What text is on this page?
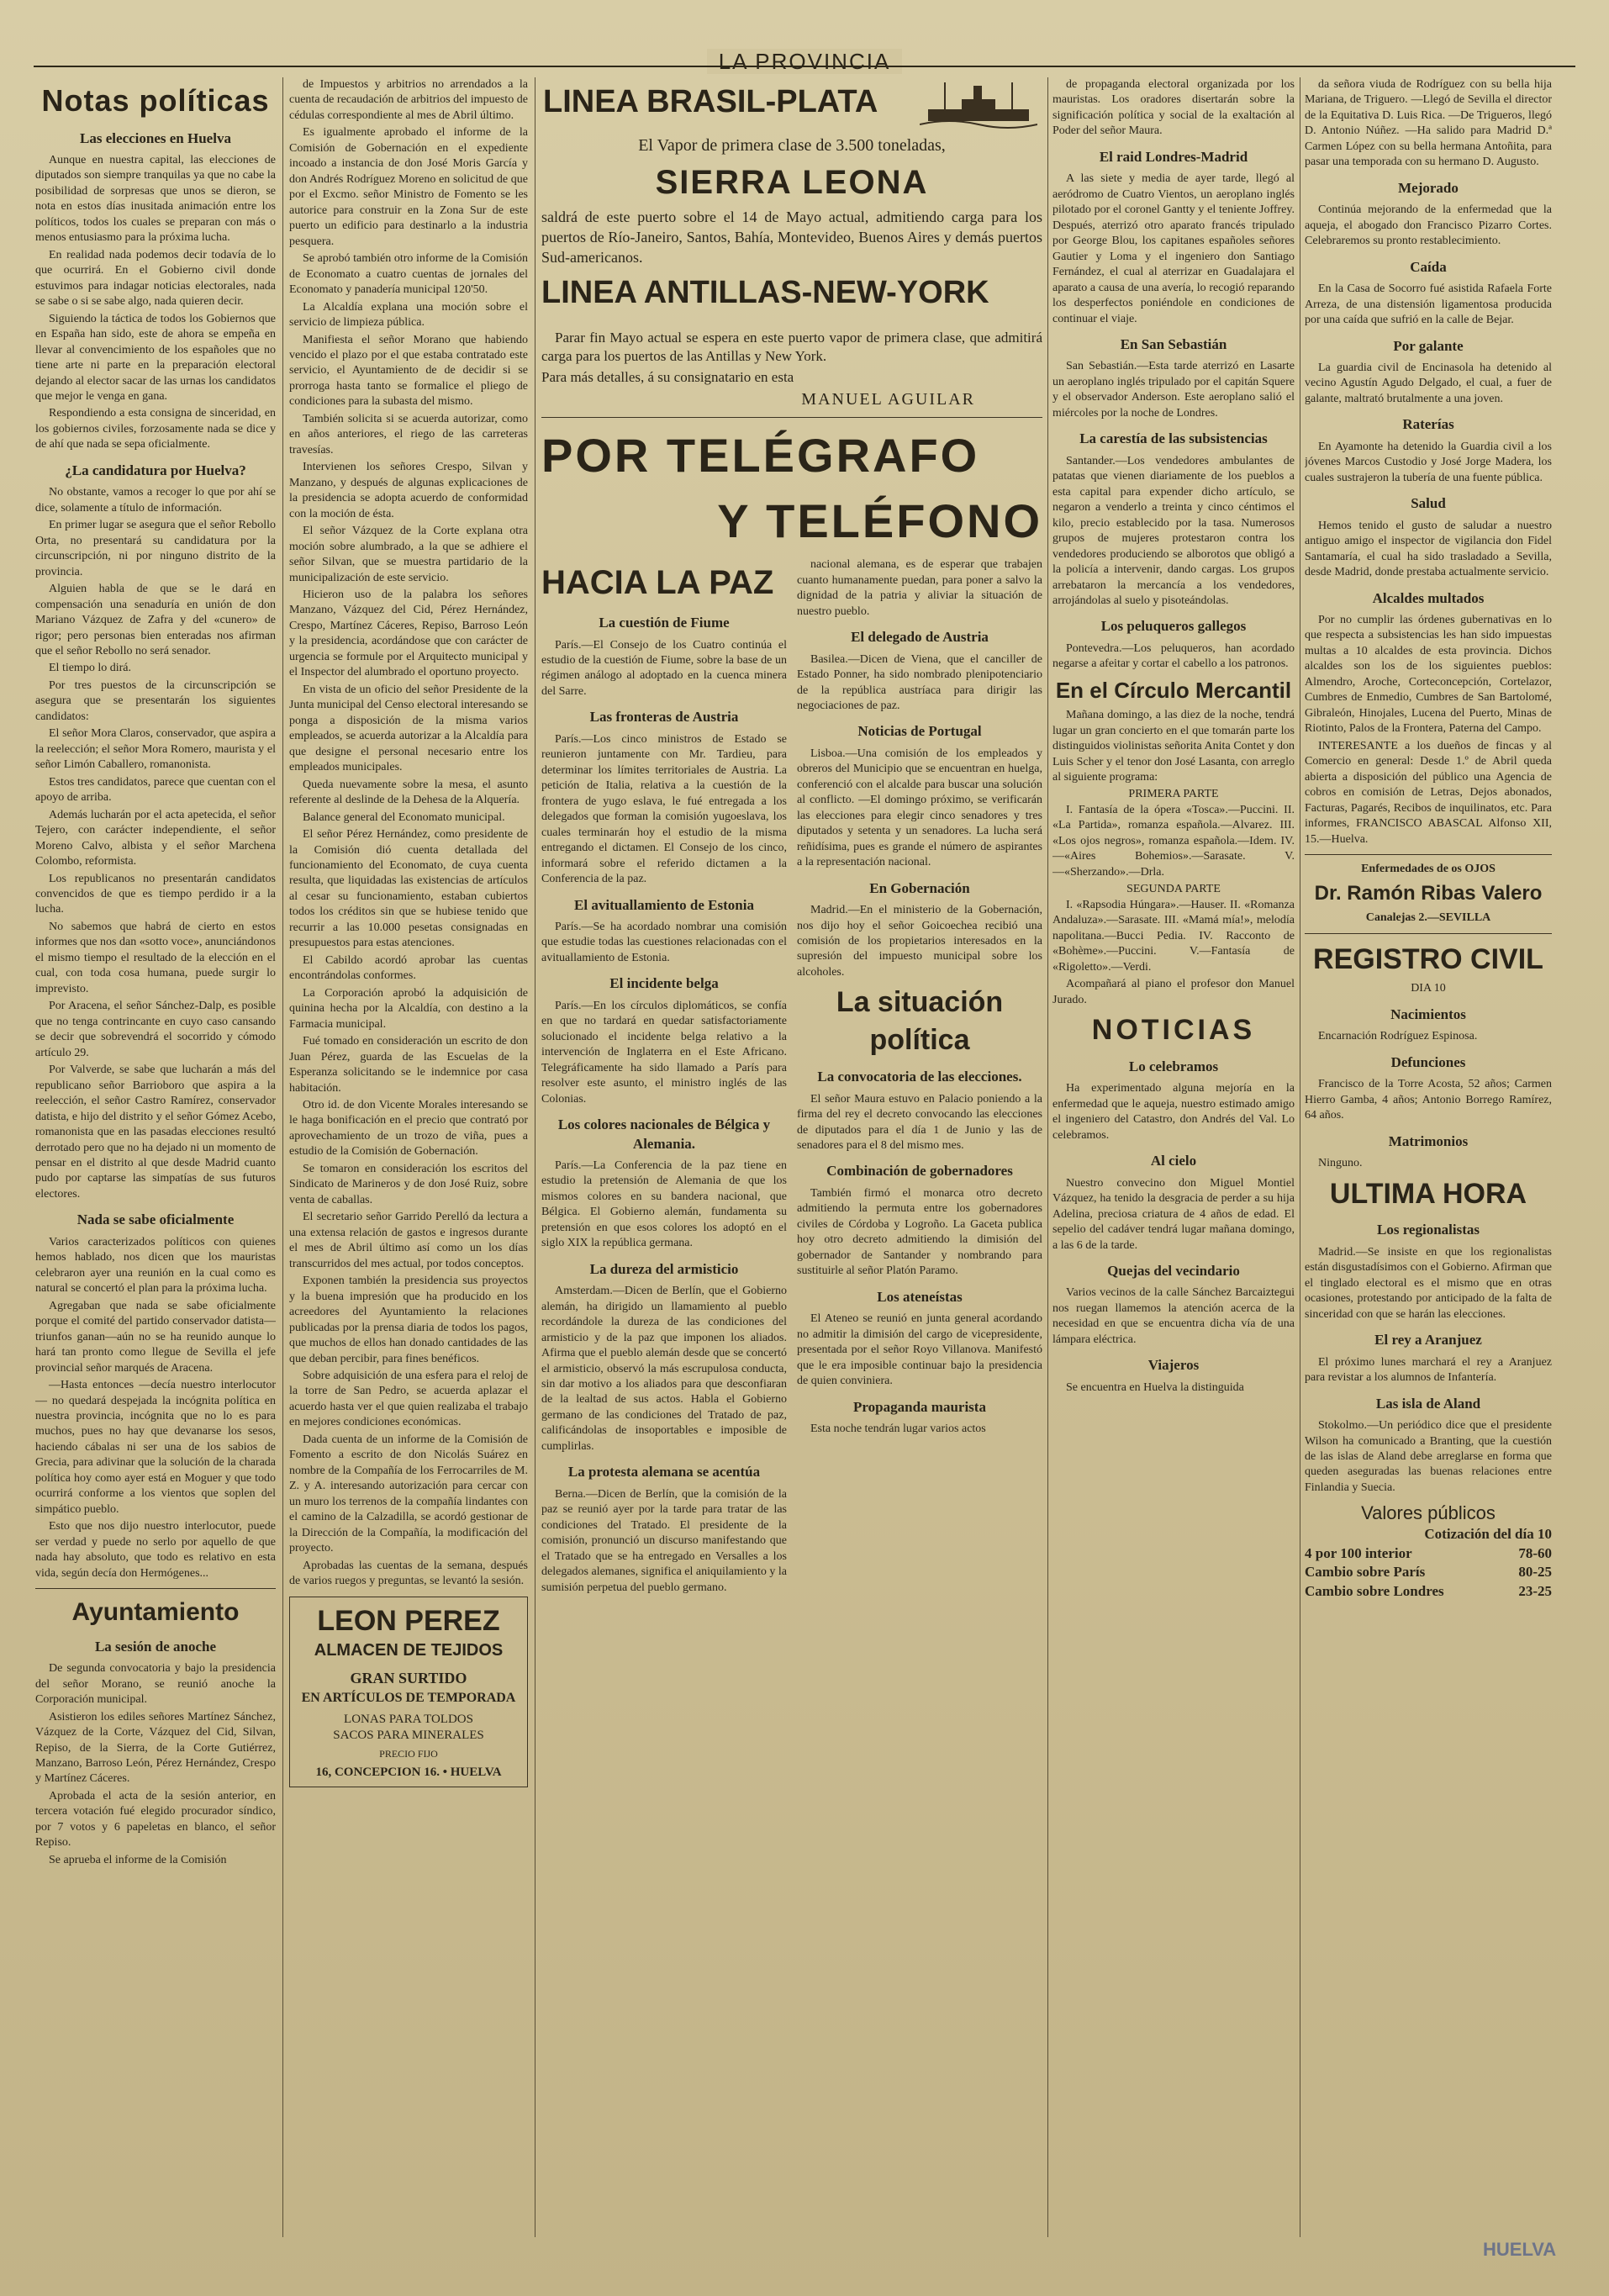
LA PROVINCIA
Notas políticas
Las elecciones en Huelva

Aunque en nuestra capital, las elecciones de diputados son siempre tranquilas ya que no cabe la posibilidad de sorpresas que unos se dieron, se nota en estos días inusitada animación entre los políticos, todos los cuales se preparan con más o menos entusiasmo para la próxima lucha.

En realidad nada podemos decir todavía de lo que ocurrirá. En el Gobierno civil donde estuvimos para indagar noticias electorales, nada se sabe o si se sabe algo, nada quieren decir.

Siguiendo la táctica de todos los Gobiernos que en España han sido, este de ahora se empeña en llevar al convencimiento de los españoles que no tiene arte ni parte en la preparación electoral dejando al elector sacar de las urnas los candidatos que mejor le venga en gana.

Respondiendo a esta consigna de sinceridad, en los gobiernos civiles, forzosamente nada se dice y de ahí que nada se sepa oficialmente.

¿La candidatura por Huelva?

No obstante, vamos a recoger lo que por ahí se dice, solamente a título de información.

En primer lugar se asegura que el señor Rebollo Orta, no presentará su candidatura por la circunscripción, ni por ninguno distrito de la provincia.

Alguien habla de que se le dará en compensación una senaduría en unión de don Mariano Vázquez de Zafra y del «cunero» de rigor; pero personas bien enteradas nos afirman que el señor Rebollo no será senador.

El tiempo lo dirá.

Por tres puestos de la circunscripción se asegura que se presentarán los siguientes candidatos:

El señor Mora Claros, conservador, que aspira a la reelección; el señor Mora Romero, maurista y el señor Limón Caballero, romanonista.

Estos tres candidatos, parece que cuentan con el apoyo de arriba.

Además lucharán por el acta apetecida, el señor Tejero, con carácter independiente, el señor Moreno Calvo, albista y el señor Marchena Colombo, reformista.

Los republicanos no presentarán candidatos convencidos de que es tiempo perdido ir a la lucha.

No sabemos que habrá de cierto en estos informes que nos dan «sotto voce», anunciándonos el mismo tiempo el resultado de la elección en el cual, con toda cosa humana, puede surgir lo imprevisto.

Por Aracena, el señor Sánchez-Dalp, es posible que no tenga contrincante en cuyo caso cansando se decir que sobrevendrá el socorrido y cómodo artículo 29.

Por Valverde, se sabe que lucharán a más del republicano señor Barrioboro que aspira a la reelección, el señor Castro Ramírez, conservador datista, e hijo del distrito y el señor Gómez Acebo, romanonista que en las pasadas elecciones resultó derrotado pero que no ha dejado ni un momento de pensar en el distrito al que desde Madrid cuanto pudo por captarse las simpatías de sus futuros electores.

Nada se sabe oficialmente

Varios caracterizados políticos con quienes hemos hablado, nos dicen que los mauristas celebraron ayer una reunión en la cual como es natural se concertó el plan para la próxima lucha.

Agregaban que nada se sabe oficialmente porque el comité del partido conservador datista—triunfos ganan—aún no se ha reunido aunque lo hará tan pronto como llegue de Sevilla el jefe provincial señor marqués de Aracena.

—Hasta entonces —decía nuestro interlocutor— no quedará despejada la incógnita política en nuestra provincia, incógnita que no lo es para muchos, pues no hay que devanarse los sesos, haciendo cábalas ni ser una de los sabios de Grecia, para adivinar que la solución de la charada política hoy como ayer está en Moguer y que todo ocurrirá conforme a los vientos que soplen del simpático pueblo.

Esto que nos dijo nuestro interlocutor, puede ser verdad y puede no serlo por aquello de que nada hay absoluto, que todo es relativo en esta vida, según decía don Hermógenes...

Ayuntamiento
La sesión de anoche

De segunda convocatoria y bajo la presidencia del señor Morano, se reunió anoche la Corporación municipal.

Asistieron los ediles señores Martínez Sánchez, Vázquez de la Corte, Vázquez del Cid, Silvan, Repiso, de la Sierra, de la Corte Gutiérrez, Manzano, Barroso León, Pérez Hernández, Crespo y Martínez Cáceres.

Aprobada el acta de la sesión anterior, en tercera votación fué elegido procurador síndico, por 7 votos y 6 papeletas en blanco, el señor Repiso.

Se aprueba el informe de la Comisión

de Impuestos y arbitrios no arrendados a la cuenta de recaudación de arbitrios del impuesto de cédulas correspondiente al mes de Abril último.

Es igualmente aprobado el informe de la Comisión de Gobernación en el expediente incoado a instancia de don José Moris García y don Andrés Rodríguez Moreno en solicitud de que por el Excmo. señor Ministro de Fomento se les autorice para construir en la Zona Sur de este puerto un edificio para destinarlo a la industria pesquera.

Se aprobó también otro informe de la Comisión de Economato a cuatro cuentas de jornales del Economato y panadería municipal 120'50.

La Alcaldía explana una moción sobre el servicio de limpieza pública.

Manifiesta el señor Morano que habiendo vencido el plazo por el que estaba contratado este servicio, el Ayuntamiento de de decidir si se prorroga hasta tanto se formalice el pliego de condiciones para la subasta del mismo.

También solicita si se acuerda autorizar, como en años anteriores, el riego de las carreteras travesías.

Intervienen los señores Crespo, Silvan y Manzano, y después de algunas explicaciones de la presidencia se adopta acuerdo de conformidad con la moción de ésta.

El señor Vázquez de la Corte explana otra moción sobre alumbrado, a la que se adhiere el señor Silvan, que se muestra partidario de la municipalización de este servicio.

Hicieron uso de la palabra los señores Manzano, Vázquez del Cid, Pérez Hernández, Crespo, Martínez Cáceres, Repiso, Barroso León y la presidencia, acordándose que con carácter de urgencia se formule por el Arquitecto municipal y el Inspector del alumbrado el oportuno proyecto.

En vista de un oficio del señor Presidente de la Junta municipal del Censo electoral interesando se ponga a disposición de la misma varios empleados, se acuerda autorizar a la Alcaldía para que designe el personal necesario entre los empleados municipales.

Queda nuevamente sobre la mesa, el asunto referente al deslinde de la Dehesa de la Alquería.

Balance general del Economato municipal.

El señor Pérez Hernández, como presidente de la Comisión dió cuenta detallada del funcionamiento del Economato, de cuya cuenta resulta, que liquidadas las existencias de artículos al cesar su funcionamiento, estaban cubiertos todos los créditos sin que se hubiese tenido que recurrir a las 10.000 pesetas consignadas en presupuestos para estas atenciones.

El Cabildo acordó aprobar las cuentas encontrándolas conformes.

La Corporación aprobó la adquisición de quinina hecha por la Alcaldía, con destino a la Farmacia municipal.

Fué tomado en consideración un escrito de don Juan Pérez, guarda de las Escuelas de la Esperanza solicitando se le indemnice por casa habitación.

Otro id. de don Vicente Morales interesando se le haga bonificación en el precio que contrató por aprovechamiento de un trozo de viña, pues a estudio de la Comisión de Gobernación.

Se tomaron en consideración los escritos del Sindicato de Marineros y de don José Ruiz, sobre venta de caballas.

El secretario señor Garrido Perelló da lectura a una extensa relación de gastos e ingresos durante el mes de Abril último así como un los días transcurridos del mes actual, por todos conceptos.

Exponen también la presidencia sus proyectos y la buena impresión que ha producido en los acreedores del Ayuntamiento la relaciones publicadas por la prensa diaria de todos los pagos, que muchos de ellos han donado cantidades de las que deban percibir, para fines benéficos.

Sobre adquisición de una esfera para el reloj de la torre de San Pedro, se acuerda aplazar el acuerdo hasta ver el que quien realizaba el trabajo en mejores condiciones económicas.

Dada cuenta de un informe de la Comisión de Fomento a escrito de don Nicolás Suárez en nombre de la Compañía de los Ferrocarriles de M. Z. y A. interesando autorización para cercar con un muro los terrenos de la compañía lindantes con el camino de la Calzadilla, se acordó gestionar de la Dirección de la Compañía, la modificación del proyecto.

Aprobadas las cuentas de la semana, después de varios ruegos y preguntas, se levantó la sesión.

LEON PEREZ
ALMACEN DE TEJIDOS
GRAN SURTIDO
EN ARTÍCULOS DE TEMPORADA
LONAS PARA TOLDOS
SACOS PARA MINERALES
PRECIO FIJO
16, CONCEPCION 16. • HUELVA
LINEA BRASIL-PLATA
El Vapor de primera clase de 3.500 toneladas,
SIERRA LEONA

saldrá de este puerto sobre el 14 de Mayo actual, admitiendo carga para los puertos de Río-Janeiro, Santos, Bahía, Montevideo, Buenos Aires y demás puertos Sud-americanos.

LINEA ANTILLAS-NEW-YORK

Parar fin Mayo actual se espera en este puerto vapor de primera clase, que admitirá carga para los puertos de las Antillas y New York.

Para más detalles, á su consignatario en esta

MANUEL AGUILAR
POR TELÉGRAFO
Y TELÉFONO
HACIA LA PAZ
La cuestión de Fiume

París.—El Consejo de los Cuatro continúa el estudio de la cuestión de Fiume, sobre la base de un régimen análogo al adoptado en la cuenca minera del Sarre.

Las fronteras de Austria

París.—Los cinco ministros de Estado se reunieron juntamente con Mr. Tardieu, para determinar los límites territoriales de Austria. La petición de Italia, relativa a la cuestión de la frontera de yugo eslava, le fué entregada a los delegados que forman la comisión yugoeslava, los cuales terminarán hoy el estudio de la misma entregando el dictamen. El Consejo de los cinco, informará sobre el referido dictamen a la Conferencia de la paz.

El avituallamiento de Estonia

París.—Se ha acordado nombrar una comisión que estudie todas las cuestiones relacionadas con el avituallamiento de Estonia.

El incidente belga

París.—En los círculos diplomáticos, se confía en que no tardará en quedar satisfactoriamente solucionado el incidente belga relativo a la intervención de Inglaterra en el Este Africano. Telegráficamente ha sido llamado a París para resolver este asunto, el ministro inglés de las Colonias.

Los colores nacionales de Bélgica y Alemania.

París.—La Conferencia de la paz tiene en estudio la pretensión de Alemania de que los mismos colores en su bandera nacional, que Bélgica. El Gobierno alemán, fundamenta su pretensión en que esos colores los adoptó en el siglo XIX la república germana.

La dureza del armisticio

Amsterdam.—Dicen de Berlín, que el Gobierno alemán, ha dirigido un llamamiento al pueblo recordándole la dureza de las condiciones del armisticio y de la paz que imponen los aliados. Afirma que el pueblo alemán desde que se concertó el armisticio, observó la más escrupulosa conducta, sin dar motivo a los aliados para que desconfiaran de la lealtad de sus actos. Habla el Gobierno germano de las condiciones del Tratado de paz, calificándolas de insoportables e imposible de cumplirlas.

La protesta alemana se acentúa

Berna.—Dicen de Berlín, que la comisión de la paz se reunió ayer por la tarde para tratar de las condiciones del Tratado. El presidente de la comisión, pronunció un discurso manifestando que el Tratado que se ha entregado en Versalles a los delegados alemanes, significa el aniquilamiento y la sumisión perpetua del pueblo germano.

nacional alemana, es de esperar que trabajen cuanto humanamente puedan, para poner a salvo la dignidad de la patria y aliviar la situación de nuestro pueblo.

El delegado de Austria

Basilea.—Dicen de Viena, que el canciller de Estado Ponner, ha sido nombrado plenipotenciario de la república austríaca para dirigir las negociaciones de paz.

Noticias de Portugal

Lisboa.—Una comisión de los empleados y obreros del Municipio que se encuentran en huelga, conferenció con el alcalde para buscar una solución al conflicto. —El domingo próximo, se verificarán las elecciones para elegir cinco senadores y tres diputados y setenta y un senadores. La lucha será reñidísima, pues es grande el número de aspirantes a la representación nacional.

En Gobernación

Madrid.—En el ministerio de la Gobernación, nos dijo hoy el señor Goicoechea recibió una comisión de los propietarios interesados en la supresión del impuesto municipal sobre los alcoholes.

La situación política
La convocatoria de las elecciones.

El señor Maura estuvo en Palacio poniendo a la firma del rey el decreto convocando las elecciones de diputados para el día 1 de Junio y las de senadores para el 8 del mismo mes.

Combinación de gobernadores

También firmó el monarca otro decreto admitiendo la permuta entre los gobernadores civiles de Córdoba y Logroño. La Gaceta publica hoy otro decreto admitiendo la dimisión del gobernador de Santander y nombrando para sustituirle al señor Platón Paramo.

Los ateneístas

El Ateneo se reunió en junta general acordando no admitir la dimisión del cargo de vicepresidente, presentada por el señor Royo Villanova. Manifestó que le era imposible continuar bajo la presidencia de quien conviniera.

Propaganda maurista

Esta noche tendrán lugar varios actos

de propaganda electoral organizada por los mauristas. Los oradores disertarán sobre la significación política y social de la exaltación al Poder del señor Maura.

El raid Londres-Madrid

A las siete y media de ayer tarde, llegó al aeródromo de Cuatro Vientos, un aeroplano inglés pilotado por el coronel Gantty y el teniente Joffrey. Después, aterrizó otro aparato francés tripulado por George Blou, los capitanes españoles señores Gautier y Loma y el ingeniero don Santiago Fernández, el cual al aterrizar en Guadalajara el aparato a causa de una avería, lo recogió reparando los desperfectos poniéndole en condiciones de continuar el viaje.

En San Sebastián

San Sebastián.—Esta tarde aterrizó en Lasarte un aeroplano inglés tripulado por el capitán Squere y el observador Anderson. Este aeroplano salió el miércoles por la noche de Londres.

La carestía de las subsistencias

Santander.—Los vendedores ambulantes de patatas que vienen diariamente de los pueblos a esta capital para expender dicho artículo, se negaron a venderlo a treinta y cinco céntimos el kilo, precio establecido por la tasa. Numerosos grupos de mujeres protestaron contra los vendedores produciendo se alborotos que obligó a la policía a intervenir, dando cargas. Los grupos arrebataron la mercancía a los vendedores, arrojándolas al suelo y pisoteándolas.

Los peluqueros gallegos

Pontevedra.—Los peluqueros, han acordado negarse a afeitar y cortar el cabello a los patronos.

En el Círculo Mercantil

Mañana domingo, a las diez de la noche, tendrá lugar un gran concierto en el que tomarán parte los distinguidos violinistas señorita Anita Contet y don Luis Scher y el tenor don José Lasanta, con arreglo al siguiente programa:

PRIMERA PARTE

I. Fantasía de la ópera «Tosca».—Puccini. II. «La Partida», romanza española.—Alvarez. III. «Los ojos negros», romanza española.—Idem. IV.—«Aires Bohemios».—Sarasate. V.—«Sherzando».—Drla.

SEGUNDA PARTE

I. «Rapsodia Húngara».—Hauser. II. «Romanza Andaluza».—Sarasate. III. «Mamá mía!», melodía napolitana.—Bucci Pedia. IV. Racconto de «Bohème».—Puccini. V.—Fantasía de «Rigoletto».—Verdi.

Acompañará al piano el profesor don Manuel Jurado.

NOTICIAS
Lo celebramos

Ha experimentado alguna mejoría en la enfermedad que le aqueja, nuestro estimado amigo el ingeniero del Catastro, don Andrés del Val. Lo celebramos.

Al cielo

Nuestro convecino don Miguel Montiel Vázquez, ha tenido la desgracia de perder a su hija Adelina, preciosa criatura de 4 años de edad. El sepelio del cadáver tendrá lugar mañana domingo, a las 6 de la tarde.

Quejas del vecindario

Varios vecinos de la calle Sánchez Barcaiztegui nos ruegan llamemos la atención acerca de la necesidad en que se encuentra dicha vía de una lámpara eléctrica.

Viajeros

Se encuentra en Huelva la distinguida

da señora viuda de Rodríguez con su bella hija Mariana, de Triguero. —Llegó de Sevilla el director de la Equitativa D. Luis Rica. —De Trigueros, llegó D. Antonio Núñez. —Ha salido para Madrid D.ª Carmen López con su bella hermana Antoñita, para pasar una temporada con su hermano D. Augusto.

Mejorado

Continúa mejorando de la enfermedad que la aqueja, el abogado don Francisco Pizarro Cortes. Celebraremos su pronto restablecimiento.

Caída

En la Casa de Socorro fué asistida Rafaela Forte Arreza, de una distensión ligamentosa producida por una caída que sufrió en la calle de Bejar.

Por galante

La guardia civil de Encinasola ha detenido al vecino Agustín Agudo Delgado, el cual, a fuer de galante, maltrató brutalmente a una joven.

Raterías

En Ayamonte ha detenido la Guardia civil a los jóvenes Marcos Custodio y José Jorge Madera, los cuales sustrajeron la tubería de una fuente pública.

Salud

Hemos tenido el gusto de saludar a nuestro antiguo amigo el inspector de vigilancia don Fidel Santamaría, el cual ha sido trasladado a Sevilla, desde Madrid, donde prestaba actualmente servicio.

Alcaldes multados

Por no cumplir las órdenes gubernativas en lo que respecta a subsistencias les han sido impuestas multas a 10 alcaldes de esta provincia. Dichos alcaldes son los de los siguientes pueblos: Almendro, Aroche, Corteconcepción, Cortelazor, Cumbres de Enmedio, Cumbres de San Bartolomé, Gibraleón, Hinojales, Lucena del Puerto, Minas de Riotinto, Palos de la Frontera, Paterna del Campo.

INTERESANTE a los dueños de fincas y al Comercio en general: Desde 1.º de Abril queda abierta a disposición del público una Agencia de cobros en comisión de Letras, Dejos abonados, Facturas, Pagarés, Recibos de inquilinatos, etc. Para informes, FRANCISCO ABASCAL Alfonso XII, 15.—Huelva.

Enfermedades de os OJOS
Dr. Ramón Ribas Valero
Canalejas 2.—SEVILLA
REGISTRO CIVIL
DIA 10
Nacimientos

Encarnación Rodríguez Espinosa.

Defunciones

Francisco de la Torre Acosta, 52 años; Carmen Hierro Gamba, 4 años; Antonio Borrego Ramírez, 64 años.

Matrimonios

Ninguno.

ULTIMA HORA
Los regionalistas

Madrid.—Se insiste en que los regionalistas están disgustadísimos con el Gobierno. Afirman que el tinglado electoral es el mismo que en otras ocasiones, protestando por anticipado de la falta de sinceridad con que se harán las elecciones.

El rey a Aranjuez

El próximo lunes marchará el rey a Aranjuez para revistar a los alumnos de Infantería.

Las isla de Aland

Stokolmo.—Un periódico dice que el presidente Wilson ha comunicado a Branting, que la cuestión de las islas de Aland debe arreglarse en forma que queden aseguradas las buenas relaciones entre Finlandia y Suecia.

Valores públicos
Cotización del día 10
4 por 100 interior	78-60
Cambio sobre París	80-25
Cambio sobre Londres	23-25
HUELVA
